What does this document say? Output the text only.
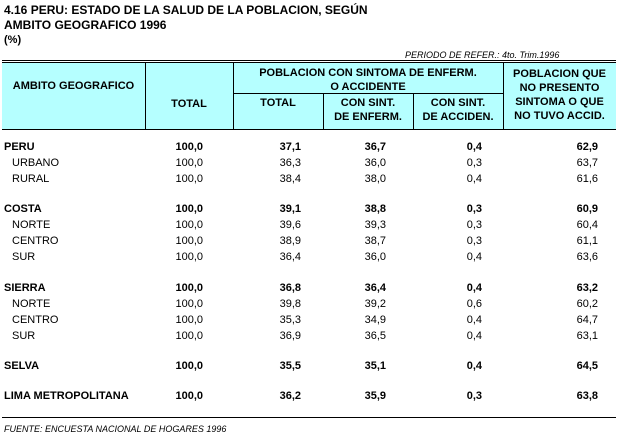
4.16 PERU: ESTADO DE LA SALUD DE LA POBLACION, SEGÚN
AMBITO GEOGRAFICO 1996
(%)
PERIODO DE REFER.: 4to. Trim.1996
AMBITO GEOGRAFICO
TOTAL
POBLACION CON SINTOMA DE ENFERM.
O ACCIDENTE
TOTAL	CON SINT.
DE ENFERM.
CON SINT.
DE ACCIDEN.
POBLACION QUE
NO PRESENTO
SINTOMA O QUE
NO TUVO ACCID.
PERU	100,0	37,1	36,7	0,4	62,9
URBANO	100,0	36,3	36,0	0,3	63,7
RURAL	100,0	38,4	38,0	0,4	61,6
COSTA	100,0	39,1	38,8	0,3	60,9
NORTE	100,0	39,6	39,3	0,3	60,4
CENTRO	100,0	38,9	38,7	0,3	61,1
SUR	100,0	36,4	36,0	0,4	63,6
SIERRA	100,0	36,8	36,4	0,4	63,2
NORTE	100,0	39,8	39,2	0,6	60,2
CENTRO	100,0	35,3	34,9	0,4	64,7
SUR	100,0	36,9	36,5	0,4	63,1
SELVA	100,0	35,5	35,1	0,4	64,5
LIMA METROPOLITANA	100,0	36,2	35,9	0,3	63,8
FUENTE: ENCUESTA NACIONAL DE HOGARES 1996
